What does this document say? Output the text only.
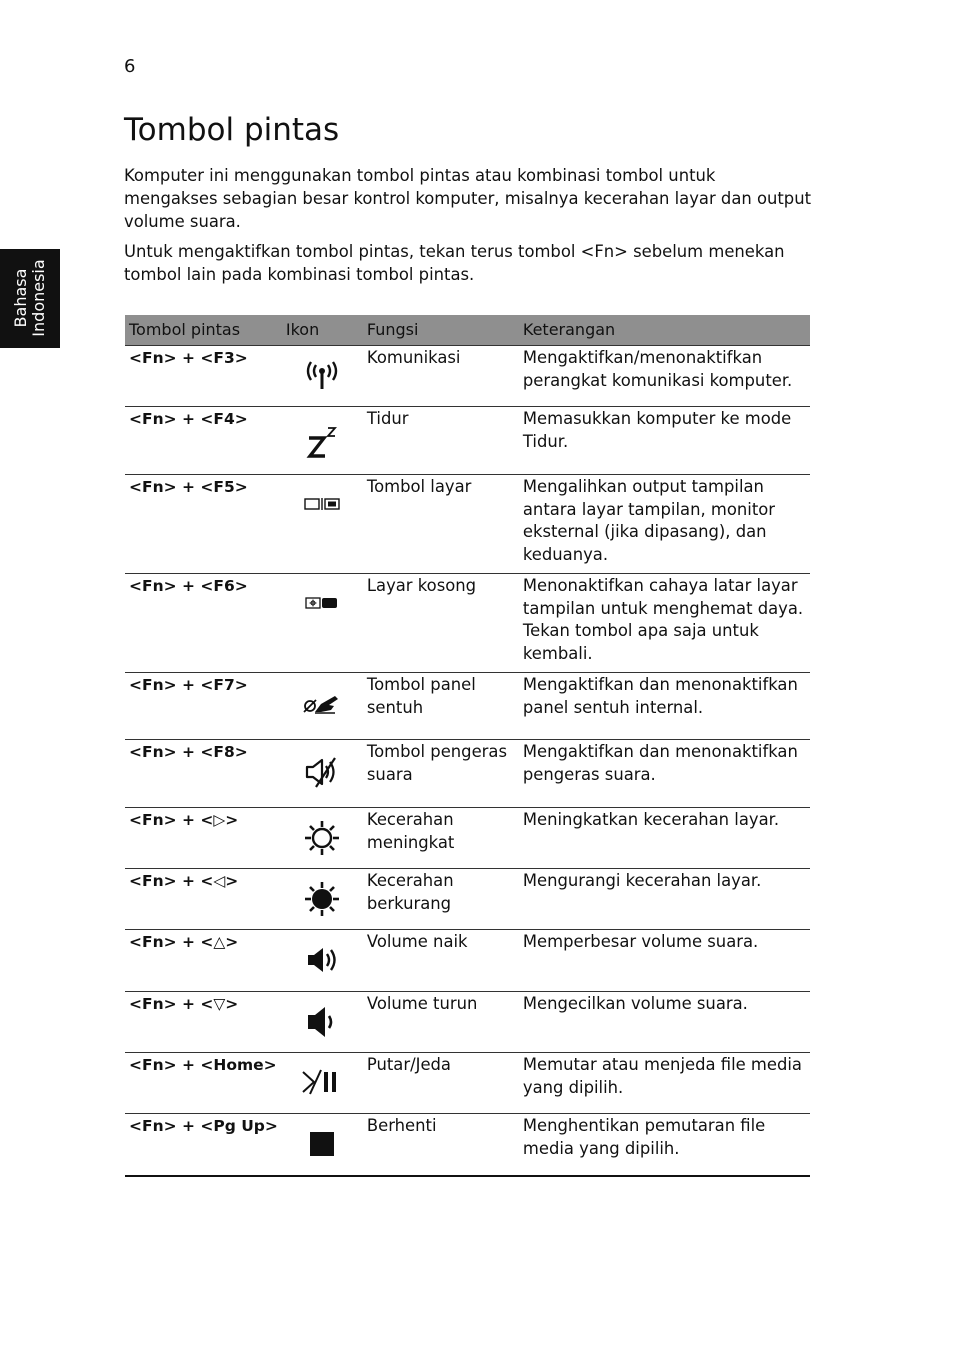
6
Bahasa Indonesia
Tombol pintas

Komputer ini menggunakan tombol pintas atau kombinasi tombol untuk mengakses sebagian besar kontrol komputer, misalnya kecerahan layar dan output volume suara.

Untuk mengaktifkan tombol pintas, tekan terus tombol <Fn> sebelum menekan tombol lain pada kombinasi tombol pintas.

Tombol pintas	Ikon	Fungsi	Keterangan
<Fn> + <F3>		Komunikasi	Mengaktifkan/menonaktifkan perangkat komunikasi komputer.
<Fn> + <F4>		Tidur	Memasukkan komputer ke mode Tidur.
<Fn> + <F5>		Tombol layar	Mengalihkan output tampilan antara layar tampilan, monitor eksternal (jika dipasang), dan keduanya.
<Fn> + <F6>		Layar kosong	Menonaktifkan cahaya latar layar tampilan untuk menghemat daya. Tekan tombol apa saja untuk kembali.
<Fn> + <F7>		Tombol panel sentuh	Mengaktifkan dan menonaktifkan panel sentuh internal.
<Fn> + <F8>		Tombol pengeras suara	Mengaktifkan dan menonaktifkan pengeras suara.
<Fn> + <▷>		Kecerahan meningkat	Meningkatkan kecerahan layar.
<Fn> + <◁>		Kecerahan berkurang	Mengurangi kecerahan layar.
<Fn> + <△>		Volume naik	Memperbesar volume suara.
<Fn> + <▽>		Volume turun	Mengecilkan volume suara.
<Fn> + <Home>		Putar/Jeda	Memutar atau menjeda file media yang dipilih.
<Fn> + <Pg Up>		Berhenti	Menghentikan pemutaran file media yang dipilih.
